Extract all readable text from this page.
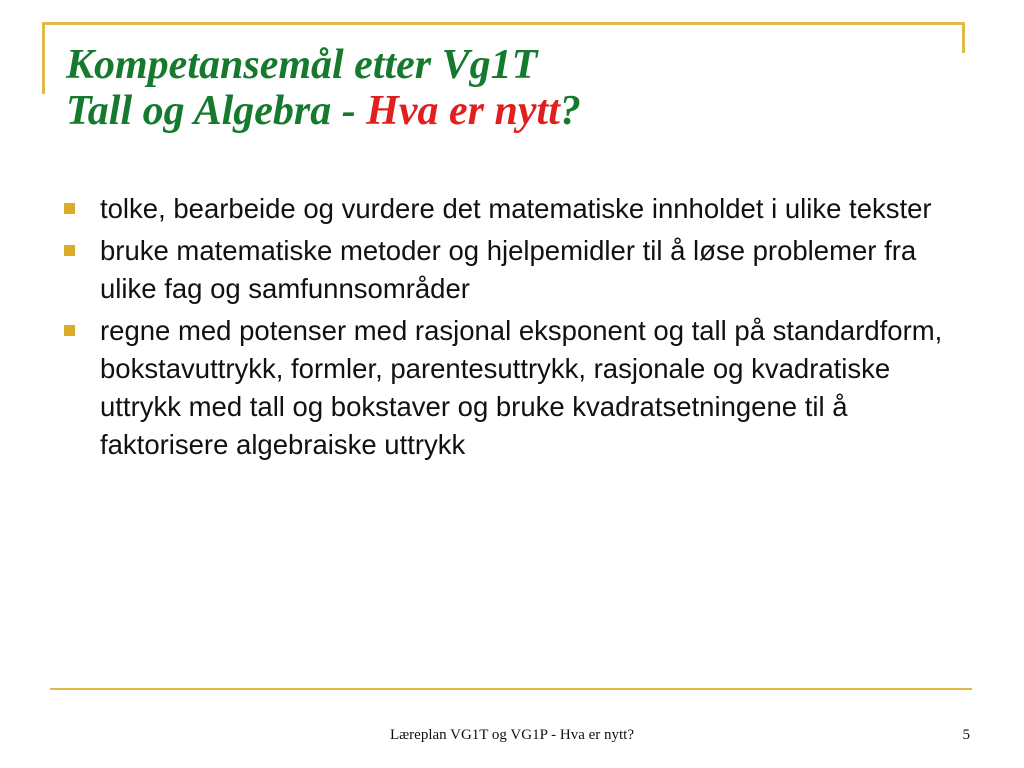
Kompetansemål etter Vg1T
Tall og Algebra - Hva er nytt?
tolke, bearbeide og vurdere det matematiske innholdet i ulike tekster
bruke matematiske metoder og hjelpemidler til å løse problemer fra ulike fag og samfunnsområder
regne med potenser med rasjonal eksponent og tall på standardform, bokstavuttrykk, formler, parentesuttrykk, rasjonale og kvadratiske uttrykk med tall og bokstaver og bruke kvadratsetningene til å faktorisere algebraiske uttrykk
Læreplan VG1T og VG1P - Hva er nytt?	5
